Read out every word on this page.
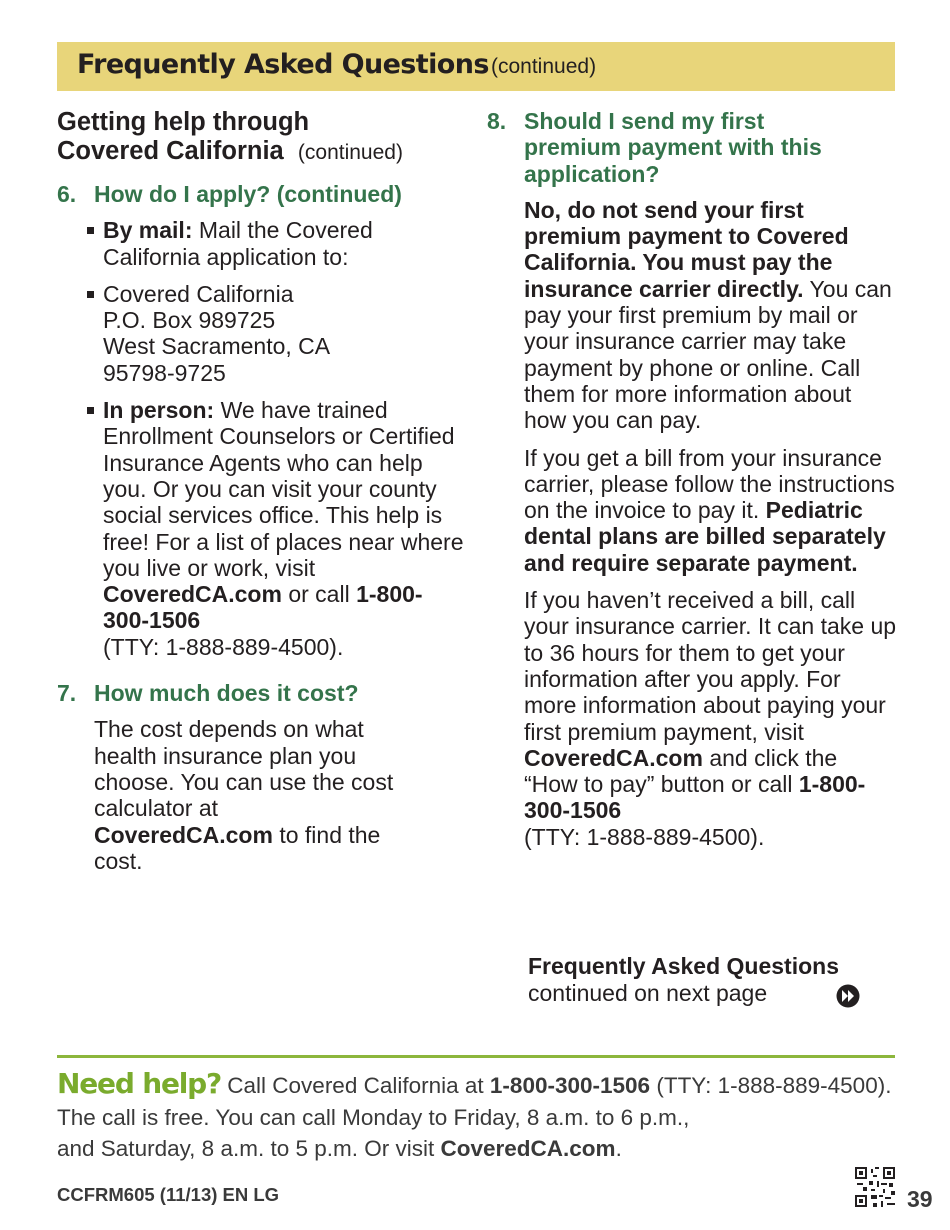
Frequently Asked Questions (continued)
Getting help through
Covered California (continued)
6. How do I apply? (continued)
By mail: Mail the Covered California application to:
Covered California
P.O. Box 989725
West Sacramento, CA
95798-9725
In person: We have trained Enrollment Counselors or Certified Insurance Agents who can help you. Or you can visit your county social services office. This help is free! For a list of places near where you live or work, visit CoveredCA.com or call 1-800-300-1506
(TTY: 1-888-889-4500).
7. How much does it cost?

The cost depends on what health insurance plan you choose. You can use the cost calculator at CoveredCA.com to find the cost.

8. Should I send my first premium payment with this application?

No, do not send your first premium payment to Covered California. You must pay the insurance carrier directly. You can pay your first premium by mail or your insurance carrier may take payment by phone or online. Call them for more information about how you can pay.

If you get a bill from your insurance carrier, please follow the instructions on the invoice to pay it. Pediatric dental plans are billed separately and require separate payment.

If you haven’t received a bill, call your insurance carrier. It can take up to 36 hours for them to get your information after you apply. For more information about paying your first premium payment, visit CoveredCA.com and click the “How to pay” button or call 1-800-300-1506
(TTY: 1-888-889-4500).

Frequently Asked Questions
continued on next page
Need help? Call Covered California at 1-800-300-1506 (TTY: 1-888-889-4500).
The call is free. You can call Monday to Friday, 8 a.m. to 6 p.m.,
and Saturday, 8 a.m. to 5 p.m. Or visit CoveredCA.com.
CCFRM605 (11/13) EN LG	39
